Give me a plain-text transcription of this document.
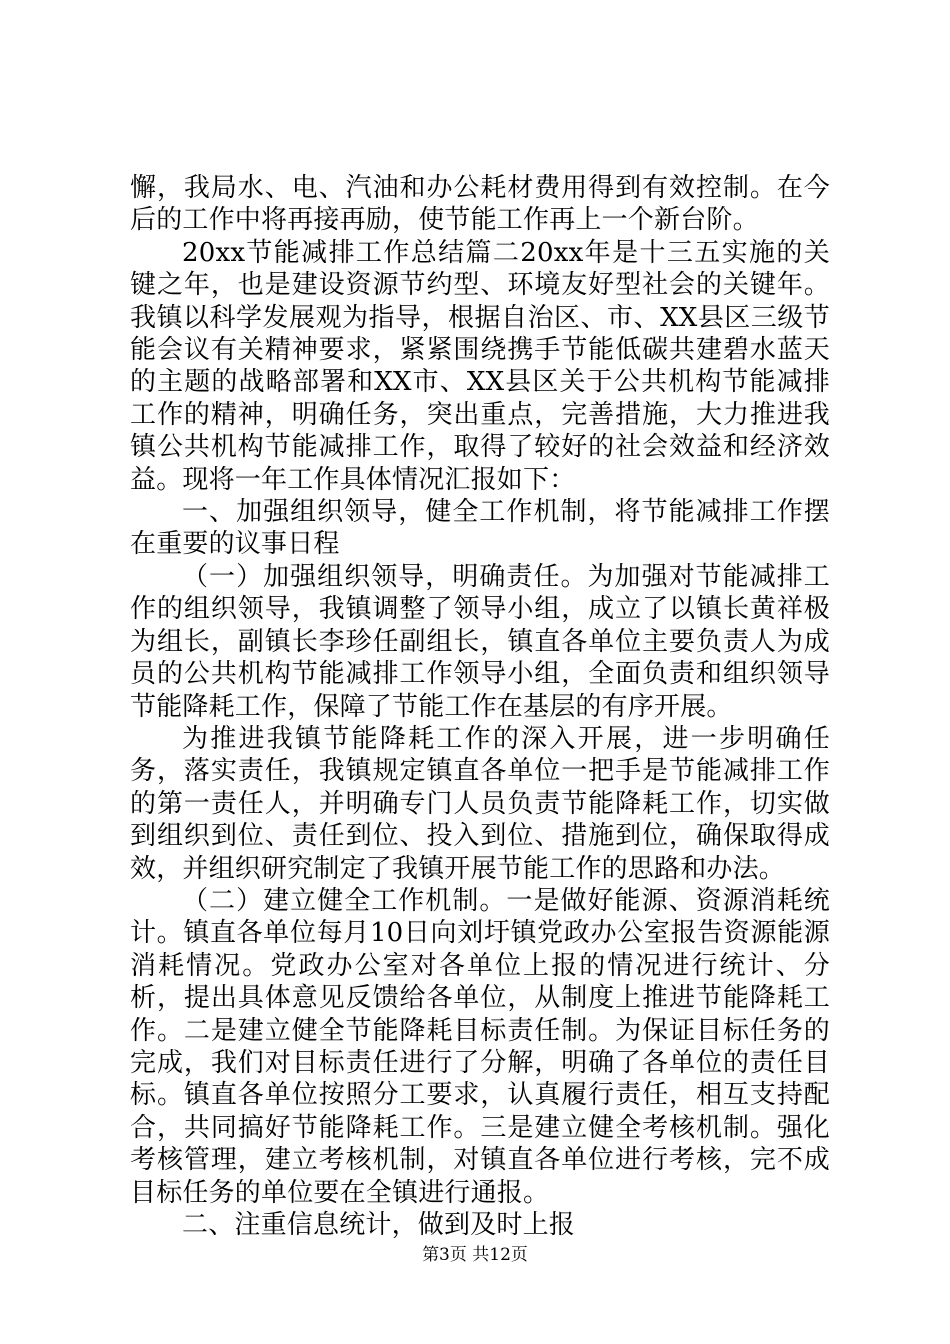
懈，我局水、电、汽油和办公耗材费用得到有效控制。在今后的工作中将再接再励，使节能工作再上一个新台阶。

20xx节能减排工作总结篇二20xx年是十三五实施的关键之年，也是建设资源节约型、环境友好型社会的关键年。我镇以科学发展观为指导，根据自治区、市、XX县区三级节能会议有关精神要求，紧紧围绕携手节能低碳共建碧水蓝天的主题的战略部署和XX市、XX县区关于公共机构节能减排工作的精神，明确任务，突出重点，完善措施，大力推进我镇公共机构节能减排工作，取得了较好的社会效益和经济效益。现将一年工作具体情况汇报如下：

一、加强组织领导，健全工作机制，将节能减排工作摆在重要的议事日程

（一）加强组织领导，明确责任。为加强对节能减排工作的组织领导，我镇调整了领导小组，成立了以镇长黄祥极为组长，副镇长李珍任副组长，镇直各单位主要负责人为成员的公共机构节能减排工作领导小组，全面负责和组织领导节能降耗工作，保障了节能工作在基层的有序开展。

为推进我镇节能降耗工作的深入开展，进一步明确任务，落实责任，我镇规定镇直各单位一把手是节能减排工作的第一责任人，并明确专门人员负责节能降耗工作，切实做到组织到位、责任到位、投入到位、措施到位，确保取得成效，并组织研究制定了我镇开展节能工作的思路和办法。

（二）建立健全工作机制。一是做好能源、资源消耗统计。镇直各单位每月10日向刘圩镇党政办公室报告资源能源消耗情况。党政办公室对各单位上报的情况进行统计、分析，提出具体意见反馈给各单位，从制度上推进节能降耗工作。二是建立健全节能降耗目标责任制。为保证目标任务的完成，我们对目标责任进行了分解，明确了各单位的责任目标。镇直各单位按照分工要求，认真履行责任，相互支持配合，共同搞好节能降耗工作。三是建立健全考核机制。强化考核管理，建立考核机制，对镇直各单位进行考核，完不成目标任务的单位要在全镇进行通报。

二、注重信息统计，做到及时上报

第3页 共12页
